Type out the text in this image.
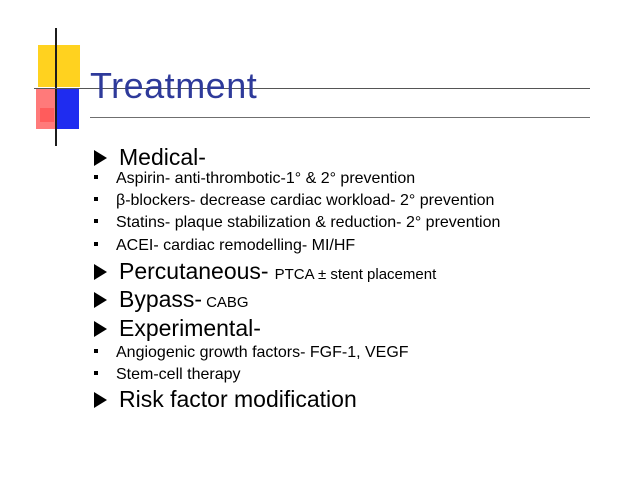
Treatment
Medical-
Aspirin- anti-thrombotic-1° & 2° prevention
β-blockers- decrease cardiac workload- 2° prevention
Statins- plaque stabilization & reduction- 2° prevention
ACEI- cardiac remodelling- MI/HF
Percutaneous- PTCA ± stent placement
Bypass- CABG
Experimental-
Angiogenic growth factors- FGF-1, VEGF
Stem-cell therapy
Risk factor modification
